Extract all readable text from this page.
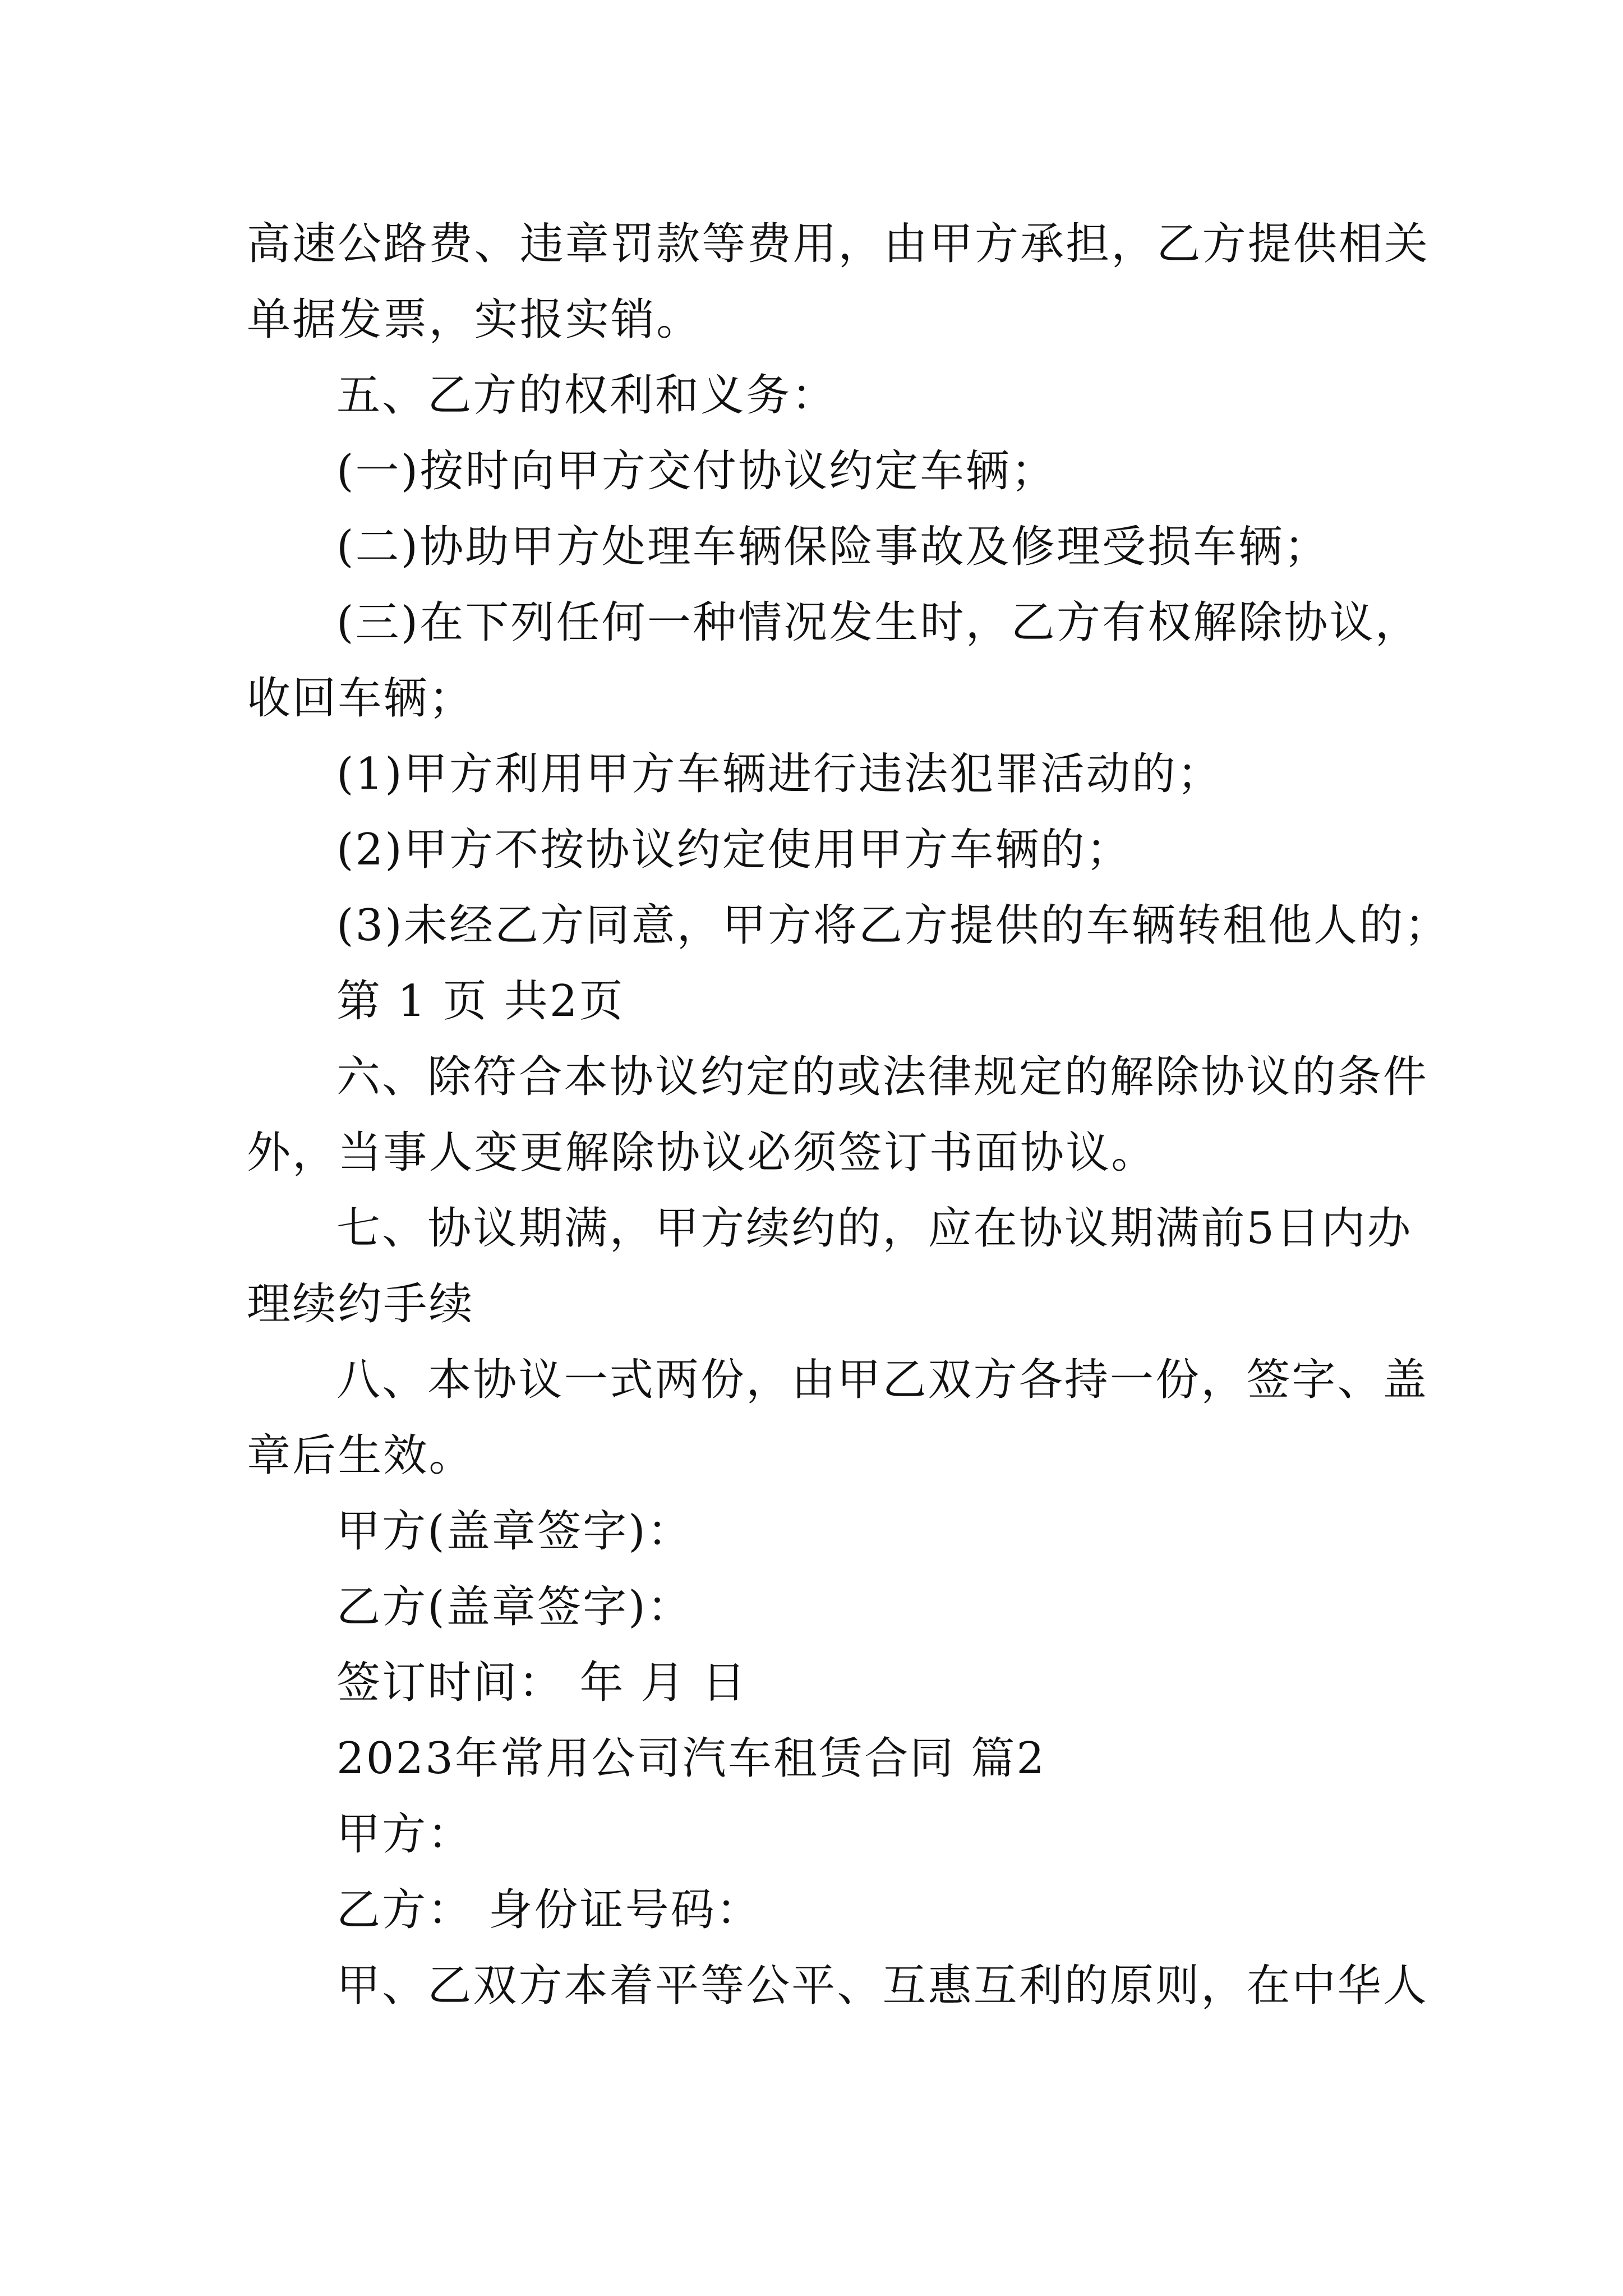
高速公路费、违章罚款等费用，由甲方承担，乙方提供相关
单据发票，实报实销。
五、乙方的权利和义务：
(一)按时向甲方交付协议约定车辆；
(二)协助甲方处理车辆保险事故及修理受损车辆；
(三)在下列任何一种情况发生时，乙方有权解除协议，
收回车辆；
(1)甲方利用甲方车辆进行违法犯罪活动的；
(2)甲方不按协议约定使用甲方车辆的；
(3)未经乙方同意，甲方将乙方提供的车辆转租他人的；
第 1 页 共2页
六、除符合本协议约定的或法律规定的解除协议的条件
外，当事人变更解除协议必须签订书面协议。
七、协议期满，甲方续约的，应在协议期满前5日内办
理续约手续
八、本协议一式两份，由甲乙双方各持一份，签字、盖
章后生效。
甲方(盖章签字)：
乙方(盖章签字)：
签订时间： 年 月 日
2023年常用公司汽车租赁合同 篇2
甲方：
乙方： 身份证号码：
甲、乙双方本着平等公平、互惠互利的原则，在中华人
